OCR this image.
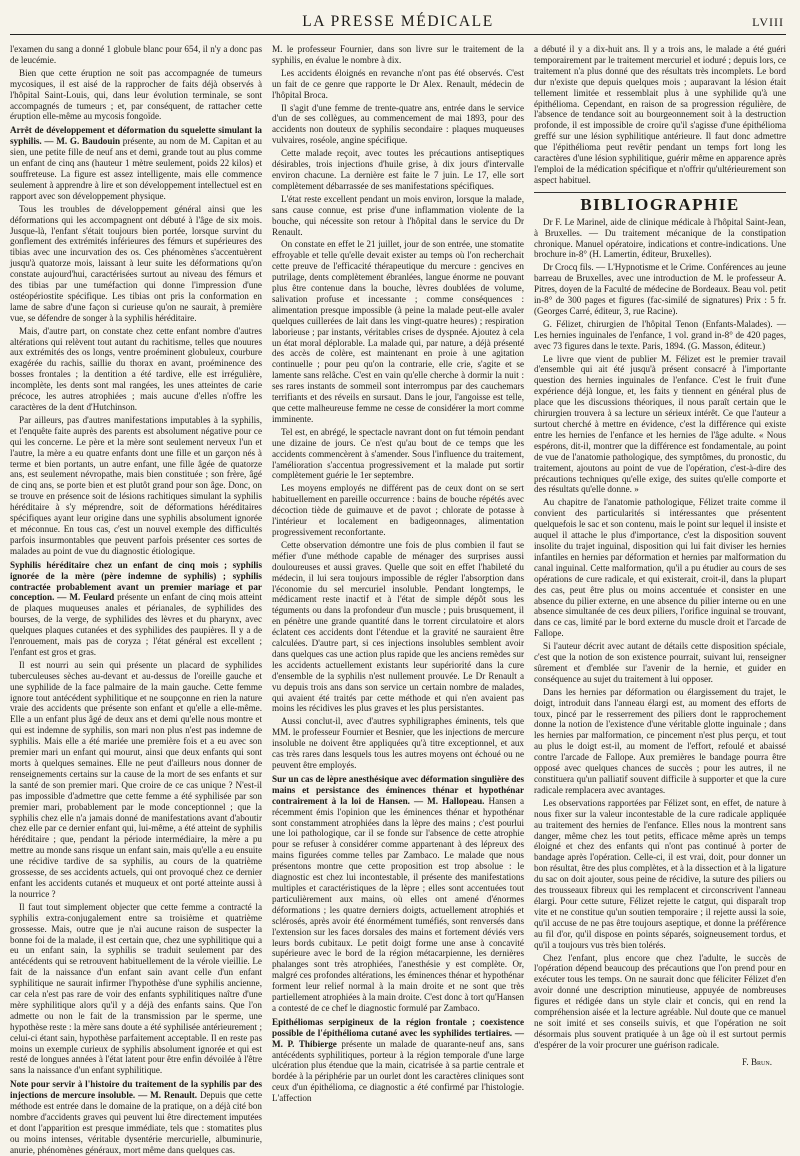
LA PRESSE MÉDICALE	LVIII

l'examen du sang a donné 1 globule blanc pour 654, il n'y a donc pas de leucémie.

Bien que cette éruption ne soit pas accompagnée de tumeurs mycosiques, il est aisé de la rapprocher de faits déjà observés à l'hôpital Saint-Louis, qui, dans leur évolution terminale, se sont accompagnés de tumeurs ; et, par conséquent, de rattacher cette éruption elle-même au mycosis fongoïde.

Arrêt de développement et déformation du squelette simulant la syphilis. — M. G. Baudouin présente, au nom de M. Capitan et au sien, une petite fille de neuf ans et demi, grande tout au plus comme un enfant de cinq ans (hauteur 1 mètre seulement, poids 22 kilos) et souffreteuse. La figure est assez intelligente, mais elle commence seulement à apprendre à lire et son développement intellectuel est en rapport avec son développement physique.

Tous les troubles de développement général ainsi que les déformations qui les accompagnent ont débuté à l'âge de six mois. Jusque-là, l'enfant s'était toujours bien portée, lorsque survint du gonflement des extrémités inférieures des fémurs et supérieures des tibias avec une incurvation des os. Ces phénomènes s'accentuèrent jusqu'à quatorze mois, laissant à leur suite les déformations qu'on constate aujourd'hui, caractérisées surtout au niveau des fémurs et des tibias par une tuméfaction qui donne l'impression d'une ostéopériostite spécifique. Les tibias ont pris la conformation en lame de sabre d'une façon si curieuse qu'on ne saurait, à première vue, se défendre de songer à la syphilis héréditaire.

Mais, d'autre part, on constate chez cette enfant nombre d'autres altérations qui relèvent tout autant du rachitisme, telles que nouures aux extrémités des os longs, ventre proéminent globuleux, courbure exagérée du rachis, saillie du thorax en avant, proéminence des bosses frontales ; la dentition a été tardive, elle est irrégulière, incomplète, les dents sont mal rangées, les unes atteintes de carie précoce, les autres atrophiées ; mais aucune d'elles n'offre les caractères de la dent d'Hutchinson.

Par ailleurs, pas d'autres manifestations imputables à la syphilis, et l'enquête faite auprès des parents est absolument négative pour ce qui les concerne. Le père et la mère sont seulement nerveux l'un et l'autre, la mère a eu quatre enfants dont une fille et un garçon nés à terme et bien portants, un autre enfant, une fille âgée de quatorze ans, est seulement névropathe, mais bien constituée ; son frère, âgé de cinq ans, se porte bien et est plutôt grand pour son âge. Donc, on se trouve en présence soit de lésions rachitiques simulant la syphilis héréditaire à s'y méprendre, soit de déformations héréditaires spécifiques ayant leur origine dans une syphilis absolument ignorée et méconnue. En tous cas, c'est un nouvel exemple des difficultés parfois insurmontables que peuvent parfois présenter ces sortes de malades au point de vue du diagnostic étiologique.

Syphilis héréditaire chez un enfant de cinq mois ; syphilis ignorée de la mère (père indemne de syphilis) ; syphilis contractée probablement avant un premier mariage et par conception. — M. Feulard présente un enfant de cinq mois atteint de plaques muqueuses anales et périanales, de syphilides des bourses, de la verge, de syphilides des lèvres et du pharynx, avec quelques plaques cutanées et des syphilides des paupières. Il y a de l'enrouement, mais pas de coryza ; l'état général est excellent ; l'enfant est gros et gras.

Il est nourri au sein qui présente un placard de syphilides tuberculeuses sèches au-devant et au-dessus de l'oreille gauche et une syphilide de la face palmaire de la main gauche. Cette femme ignore tout antécédent syphilitique et ne soupçonne en rien la nature vraie des accidents que présente son enfant et qu'elle a elle-même. Elle a un enfant plus âgé de deux ans et demi qu'elle nous montre et qui est indemne de syphilis, son mari non plus n'est pas indemne de syphilis. Mais elle a été mariée une première fois et a eu avec son premier mari un enfant qui mourut, ainsi que deux enfants qui sont morts à quelques semaines. Elle ne peut d'ailleurs nous donner de renseignements certains sur la cause de la mort de ses enfants et sur la santé de son premier mari. Que croire de ce cas unique ? N'est-il pas impossible d'admettre que cette femme a été syphilisée par son premier mari, probablement par le mode conceptionnel ; que la syphilis chez elle n'a jamais donné de manifestations avant d'aboutir chez elle par ce dernier enfant qui, lui-même, a été atteint de syphilis héréditaire ; que, pendant la période intermédiaire, la mère a pu mettre au monde sans risque un enfant sain, mais qu'elle a eu ensuite une récidive tardive de sa syphilis, au cours de la quatrième grossesse, de ses accidents actuels, qui ont provoqué chez ce dernier enfant les accidents cutanés et muqueux et ont porté atteinte aussi à la nourrice ?

Il faut tout simplement objecter que cette femme a contracté la syphilis extra-conjugalement entre sa troisième et quatrième grossesse. Mais, outre que je n'ai aucune raison de suspecter la bonne foi de la malade, il est certain que, chez une syphilitique qui a eu un enfant sain, la syphilis se traduit seulement par des antécédents qui se retrouvent habituellement de la vérole vieillie. Le fait de la naissance d'un enfant sain avant celle d'un enfant syphilitique ne saurait infirmer l'hypothèse d'une syphilis ancienne, car cela n'est pas rare de voir des enfants syphilitiques naître d'une mère syphilitique alors qu'il y a déjà des enfants sains. Que l'on admette ou non le fait de la transmission par le sperme, une hypothèse reste : la mère sans doute a été syphilisée antérieurement ; celui-ci étant sain, hypothèse parfaitement acceptable. Il en reste pas moins un exemple curieux de syphilis absolument ignorée et qui est resté de longues années à l'état latent pour être enfin dévoilée à l'être sans la naissance d'un enfant syphilitique.

Note pour servir à l'histoire du traitement de la syphilis par des injections de mercure insoluble. — M. Renault. Depuis que cette méthode est entrée dans le domaine de la pratique, on a déjà cité bon nombre d'accidents graves qui peuvent lui être directement imputées et dont l'apparition est presque immédiate, tels que : stomatites plus ou moins intenses, véritable dysentérie mercurielle, albuminurie, anurie, phénomènes généraux, mort même dans quelques cas.

M. le professeur Fournier, dans son livre sur le traitement de la syphilis, en évalue le nombre à dix.

Les accidents éloignés en revanche n'ont pas été observés. C'est un fait de ce genre que rapporte le Dr Alex. Renault, médecin de l'hôpital Broca.

Il s'agit d'une femme de trente-quatre ans, entrée dans le service d'un de ses collègues, au commencement de mai 1893, pour des accidents non douteux de syphilis secondaire : plaques muqueuses vulvaires, roséole, angine spécifique.

Cette malade reçoit, avec toutes les précautions antiseptiques désirables, trois injections d'huile grise, à dix jours d'intervalle environ chacune. La dernière est faite le 7 juin. Le 17, elle sort complètement débarrassée de ses manifestations spécifiques.

L'état reste excellent pendant un mois environ, lorsque la malade, sans cause connue, est prise d'une inflammation violente de la bouche, qui nécessite son retour à l'hôpital dans le service du Dr Renault.

On constate en effet le 21 juillet, jour de son entrée, une stomatite effroyable et telle qu'elle devait exister au temps où l'on recherchait cette preuve de l'efficacité thérapeutique du mercure : gencives en putrilage, dents complètement ébranlées, langue énorme ne pouvant plus être contenue dans la bouche, lèvres doublées de volume, salivation profuse et incessante ; comme conséquences : alimentation presque impossible (à peine la malade peut-elle avaler quelques cuillerées de lait dans les vingt-quatre heures) ; respiration laborieuse ; par instants, véritables crises de dyspnée. Ajoutez à cela un état moral déplorable. La malade qui, par nature, a déjà présenté des accès de colère, est maintenant en proie à une agitation continuelle ; pour peu qu'on la contrarie, elle crie, s'agite et se lamente sans relâche. C'est en vain qu'elle cherche à dormir la nuit : ses rares instants de sommeil sont interrompus par des cauchemars terrifiants et des réveils en sursaut. Dans le jour, l'angoisse est telle, que cette malheureuse femme ne cesse de considérer la mort comme imminente.

Tel est, en abrégé, le spectacle navrant dont on fut témoin pendant une dizaine de jours. Ce n'est qu'au bout de ce temps que les accidents commencèrent à s'amender. Sous l'influence du traitement, l'amélioration s'accentua progressivement et la malade put sortir complètement guérie le 1er septembre.

Les moyens employés ne différent pas de ceux dont on se sert habituellement en pareille occurrence : bains de bouche répétés avec décoction tiède de guimauve et de pavot ; chlorate de potasse à l'intérieur et localement en badigeonnages, alimentation progressivement reconfortante.

Cette observation démontre une fois de plus combien il faut se méfier d'une méthode capable de ménager des surprises aussi douloureuses et aussi graves. Quelle que soit en effet l'habileté du médecin, il lui sera toujours impossible de régler l'absorption dans l'économie du sel mercuriel insoluble. Pendant longtemps, le médicament reste inactif et à l'état de simple dépôt sous les téguments ou dans la profondeur d'un muscle ; puis brusquement, il en pénètre une grande quantité dans le torrent circulatoire et alors éclatent ces accidents dont l'étendue et la gravité ne sauraient être calculées. D'autre part, si ces injections insolubles semblent avoir dans quelques cas une action plus rapide que les anciens remèdes sur les accidents actuellement existants leur supériorité dans la cure d'ensemble de la syphilis n'est nullement prouvée. Le Dr Renault a vu depuis trois ans dans son service un certain nombre de malades, qui avaient été traités par cette méthode et qui n'en avaient pas moins les récidives les plus graves et les plus persistantes.

Aussi conclut-il, avec d'autres syphiligraphes éminents, tels que MM. le professeur Fournier et Besnier, que les injections de mercure insoluble ne doivent être appliquées qu'à titre exceptionnel, et aux cas très rares dans lesquels tous les autres moyens ont échoué ou ne peuvent être employés.

Sur un cas de lèpre anesthésique avec déformation singulière des mains et persistance des éminences thénar et hypothénar contrairement à la loi de Hansen. — M. Hallopeau. Hansen a récemment émis l'opinion que les éminences thénar et hypothénar sont constamment atrophiées dans la lèpre des mains ; c'est pourlui une loi pathologique, car il se fonde sur l'absence de cette atrophie pour se refuser à considérer comme appartenant à des lépreux des mains figurées comme telles par Zambaco. Le malade que nous présentons montre que cette proposition est trop absolue : le diagnostic est chez lui incontestable, il présente des manifestations multiples et caractéristiques de la lèpre ; elles sont accentuées tout particulièrement aux mains, où elles ont amené d'énormes déformations ; les quatre derniers doigts, actuellement atrophiés et sclérosés, après avoir été énormément tuméfiés, sont renversés dans l'extension sur les faces dorsales des mains et fortement déviés vers leurs bords cubitaux. Le petit doigt forme une anse à concavité supérieure avec le bord de la région métacarpienne, les dernières phalanges sont très atrophiées, l'anesthésie y est complète. Or, malgré ces profondes altérations, les éminences thénar et hypothénar forment leur relief normal à la main droite et ne sont que très partiellement atrophiées à la main droite. C'est donc à tort qu'Hansen a contesté de ce chef le diagnostic formulé par Zambaco.

Epithéliomas serpigineux de la région frontale ; coexistence possible de l'épithélioma cutané avec les syphilides tertiaires. — M. P. Thibierge présente un malade de quarante-neuf ans, sans antécédents syphilitiques, porteur à la région temporale d'une large ulcération plus étendue que la main, cicatrisée à sa partie centrale et bordée à la périphérie par un ourlet dont les caractères cliniques sont ceux d'un épithélioma, ce diagnostic a été confirmé par l'histologie. L'affection

a débuté il y a dix-huit ans. Il y a trois ans, le malade a été guéri temporairement par le traitement mercuriel et ioduré ; depuis lors, ce traitement n'a plus donné que des résultats très incomplets. Le bord dur n'existe que depuis quelques mois ; auparavant la lésion était tellement limitée et ressemblait plus à une syphilide qu'à une épithélioma. Cependant, en raison de sa progression régulière, de l'absence de tendance soit au bourgeonnement soit à la destruction profonde, il est impossible de croire qu'il s'agisse d'une épithélioma greffé sur une lésion syphilitique antérieure. Il faut donc admettre que l'épithélioma peut revêtir pendant un temps fort long les caractères d'une lésion syphilitique, guérir même en apparence après l'emploi de la médication spécifique et n'offrir qu'ultérieurement son aspect habituel.

BIBLIOGRAPHIE

Dr F. Le Marinel, aide de clinique médicale à l'hôpital Saint-Jean, à Bruxelles. — Du traitement mécanique de la constipation chronique. Manuel opératoire, indications et contre-indications. Une brochure in-8° (H. Lamertin, éditeur, Bruxelles).

Dr Crocq fils. — L'Hypnotisme et le Crime. Conférences au jeune barreau de Bruxelles, avec une introduction de M. le professeur A. Pitres, doyen de la Faculté de médecine de Bordeaux. Beau vol. petit in-8° de 300 pages et figures (fac-similé de signatures) Prix : 5 fr. (Georges Carré, éditeur, 3, rue Racine).

G. Félizet, chirurgien de l'hôpital Tenon (Enfants-Malades). — Les hernies inguinales de l'enfance, 1 vol. grand in-8° de 420 pages, avec 73 figures dans le texte. Paris, 1894. (G. Masson, éditeur.)

Le livre que vient de publier M. Félizet est le premier travail d'ensemble qui ait été jusqu'à présent consacré à l'importante question des hernies inguinales de l'enfance. C'est le fruit d'une expérience déjà longue, et, les faits y tiennent en général plus de place que les discussions théoriques, il nous paraît certain que le chirurgien trouvera à sa lecture un sérieux intérêt. Ce que l'auteur a surtout cherché à mettre en évidence, c'est la différence qui existe entre les hernies de l'enfance et les hernies de l'âge adulte. « Nous espérons, dit-il, montrer que la différence est fondamentale, au point de vue de l'anatomie pathologique, des symptômes, du pronostic, du traitement, ajoutons au point de vue de l'opération, c'est-à-dire des précautions techniques qu'elle exige, des suites qu'elle comporte et des résultats qu'elle donne. »

Au chapitre de l'anatomie pathologique, Félizet traite comme il convient des particularités si intéressantes que présentent quelquefois le sac et son contenu, mais le point sur lequel il insiste et auquel il attache le plus d'importance, c'est la disposition souvent insolite du trajet inguinal, disposition qui lui fait diviser les hernies infantiles en hernies par déformation et hernies par malformation du canal inguinal. Cette malformation, qu'il a pu étudier au cours de ses opérations de cure radicale, et qui existerait, croit-il, dans la plupart des cas, peut être plus ou moins accentuée et consister en une absence du pilier externe, en une absence du pilier interne ou en une absence simultanée de ces deux piliers, l'orifice inguinal se trouvant, dans ce cas, limité par le bord externe du muscle droit et l'arcade de Fallope.

Si l'auteur décrit avec autant de détails cette disposition spéciale, c'est que la notion de son existence pourrait, suivant lui, renseigner sûrement et d'emblée sur l'avenir de la hernie, et guider en conséquence au sujet du traitement à lui opposer.

Dans les hernies par déformation ou élargissement du trajet, le doigt, introduit dans l'anneau élargi est, au moment des efforts de toux, pincé par le resserrement des piliers dont le rapprochement donne la notion de l'existence d'une véritable glotte inguinale ; dans les hernies par malformation, ce pincement n'est plus perçu, et tout au plus le doigt est-il, au moment de l'effort, refoulé et abaissé contre l'arcade de Fallope. Aux premières le bandage pourra être opposé avec quelques chances de succès ; pour les autres, il ne constituera qu'un palliatif souvent difficile à supporter et que la cure radicale remplacera avec avantages.

Les observations rapportées par Félizet sont, en effet, de nature à nous fixer sur la valeur incontestable de la cure radicale appliquée au traitement des hernies de l'enfance. Elles nous la montrent sans danger, même chez les tout petits, efficace même après un temps éloigné et chez des enfants qui n'ont pas continué à porter de bandage après l'opération. Celle-ci, il est vrai, doit, pour donner un bon résultat, être des plus complètes, et à la dissection et à la ligature du sac on doit ajouter, sous peine de récidive, la suture des piliers ou des trousseaux fibreux qui les remplacent et circonscrivent l'anneau élargi. Pour cette suture, Félizet rejette le catgut, qui disparaît trop vite et ne constitue qu'un soutien temporaire ; il rejette aussi la soie, qu'il accuse de ne pas être toujours aseptique, et donne la préférence au fil d'or, qu'il dispose en points séparés, soigneusement tordus, et qu'il a toujours vus très bien tolérés.

Chez l'enfant, plus encore que chez l'adulte, le succès de l'opération dépend beaucoup des précautions que l'on prend pour en exécuter tous les temps. On ne saurait donc que féliciter Félizet d'en avoir donné une description minutieuse, appuyée de nombreuses figures et rédigée dans un style clair et concis, qui en rend la compréhension aisée et la lecture agréable. Nul doute que ce manuel ne soit imité et ses conseils suivis, et que l'opération ne soit désormais plus souvent pratiquée à un âge où il est surtout permis d'espérer de la voir procurer une guérison radicale.

F. Brun.
